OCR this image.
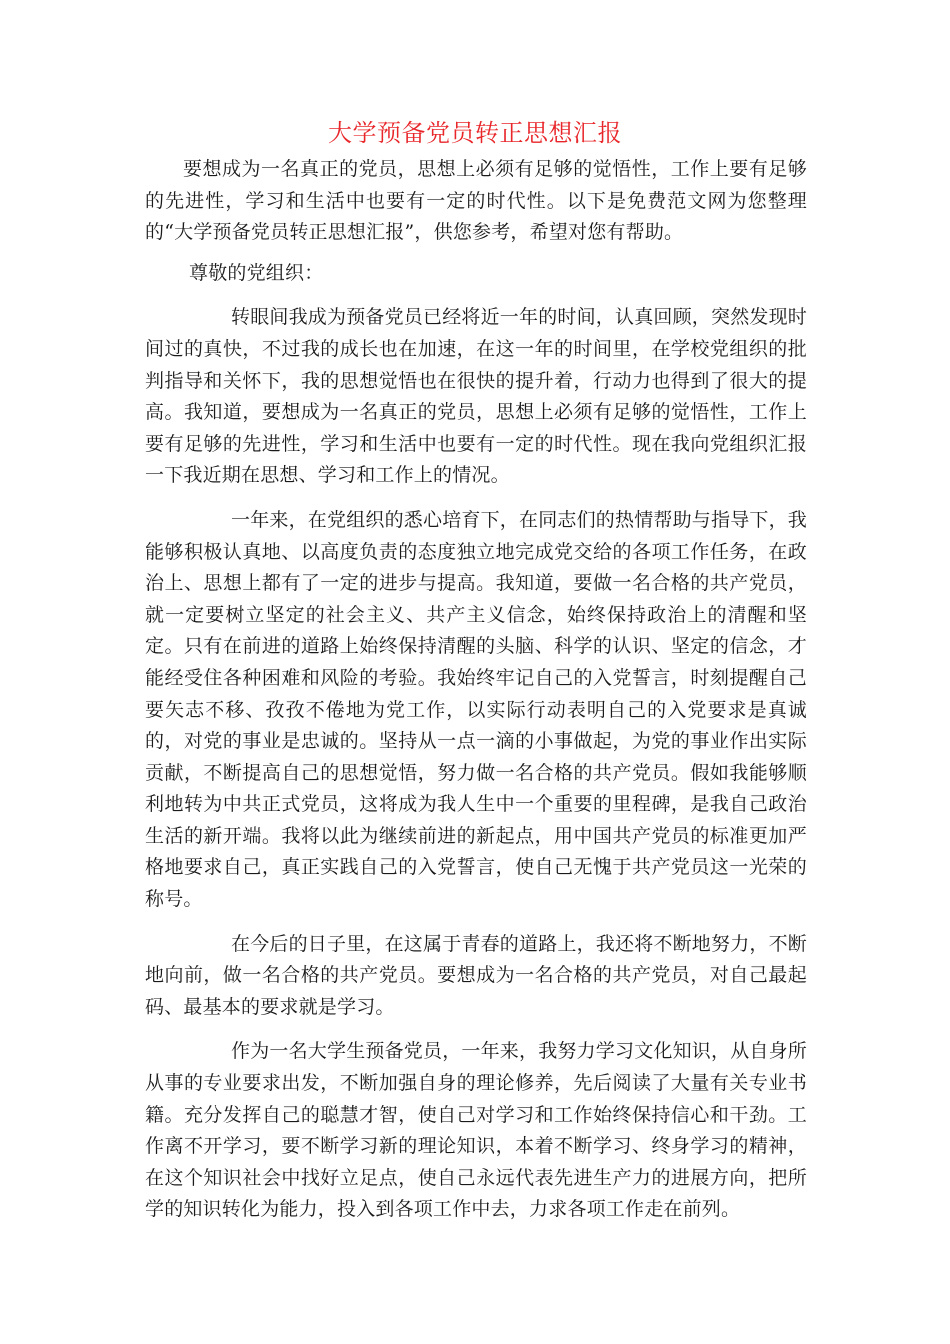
大学预备党员转正思想汇报

要想成为一名真正的党员，思想上必须有足够的觉悟性，工作上要有足够的先进性，学习和生活中也要有一定的时代性。以下是免费范文网为您整理的“大学预备党员转正思想汇报”，供您参考，希望对您有帮助。

尊敬的党组织：

转眼间我成为预备党员已经将近一年的时间，认真回顾，突然发现时间过的真快，不过我的成长也在加速，在这一年的时间里，在学校党组织的批判指导和关怀下，我的思想觉悟也在很快的提升着，行动力也得到了很大的提高。我知道，要想成为一名真正的党员，思想上必须有足够的觉悟性，工作上要有足够的先进性，学习和生活中也要有一定的时代性。现在我向党组织汇报一下我近期在思想、学习和工作上的情况。

一年来，在党组织的悉心培育下，在同志们的热情帮助与指导下，我能够积极认真地、以高度负责的态度独立地完成党交给的各项工作任务，在政治上、思想上都有了一定的进步与提高。我知道，要做一名合格的共产党员，就一定要树立坚定的社会主义、共产主义信念，始终保持政治上的清醒和坚定。只有在前进的道路上始终保持清醒的头脑、科学的认识、坚定的信念，才能经受住各种困难和风险的考验。我始终牢记自己的入党誓言，时刻提醒自己要矢志不移、孜孜不倦地为党工作，以实际行动表明自己的入党要求是真诚的，对党的事业是忠诚的。坚持从一点一滴的小事做起，为党的事业作出实际贡献，不断提高自己的思想觉悟，努力做一名合格的共产党员。假如我能够顺利地转为中共正式党员，这将成为我人生中一个重要的里程碑，是我自己政治生活的新开端。我将以此为继续前进的新起点，用中国共产党员的标准更加严格地要求自己，真正实践自己的入党誓言，使自己无愧于共产党员这一光荣的称号。

在今后的日子里，在这属于青春的道路上，我还将不断地努力，不断地向前，做一名合格的共产党员。要想成为一名合格的共产党员，对自己最起码、最基本的要求就是学习。

作为一名大学生预备党员，一年来，我努力学习文化知识，从自身所从事的专业要求出发，不断加强自身的理论修养，先后阅读了大量有关专业书籍。充分发挥自己的聪慧才智，使自己对学习和工作始终保持信心和干劲。工作离不开学习，要不断学习新的理论知识，本着不断学习、终身学习的精神，在这个知识社会中找好立足点，使自己永远代表先进生产力的进展方向，把所学的知识转化为能力，投入到各项工作中去，力求各项工作走在前列。
